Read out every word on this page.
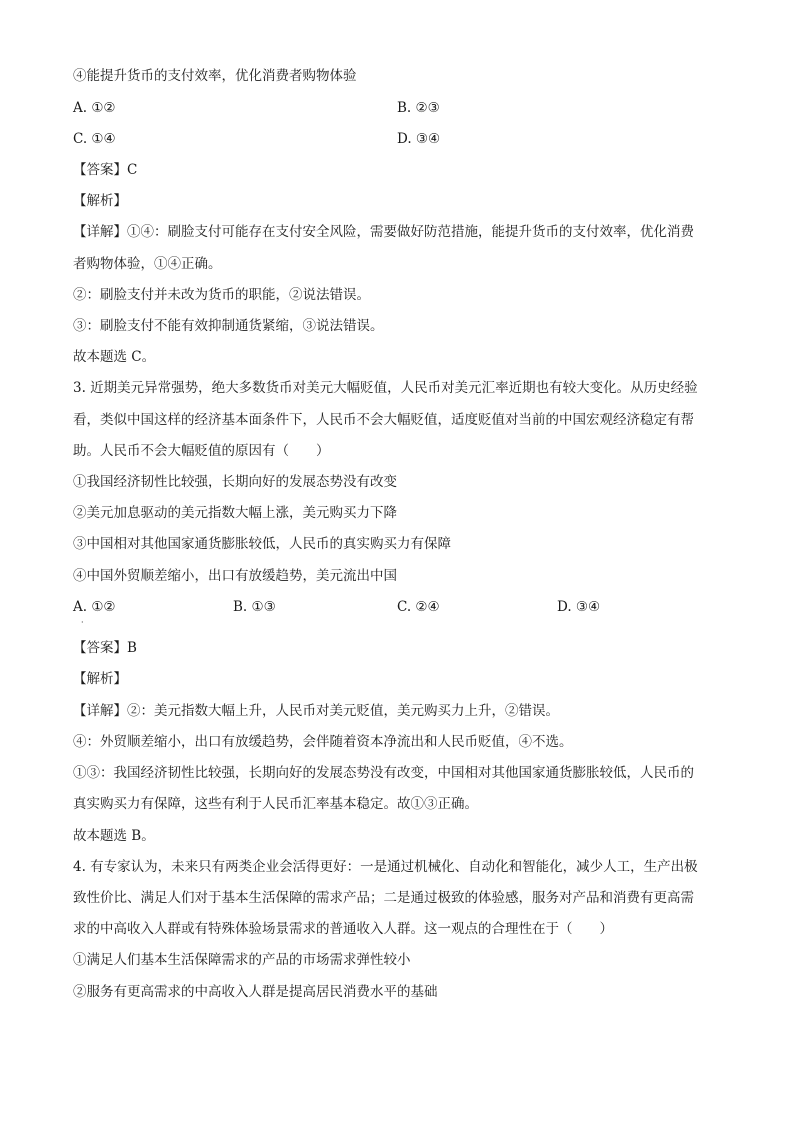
④能提升货币的支付效率，优化消费者购物体验
A. ①②	B. ②③
C. ①④	D. ③④
【答案】C
【解析】
【详解】①④：刷脸支付可能存在支付安全风险，需要做好防范措施，能提升货币的支付效率，优化消费
者购物体验，①④正确。
②：刷脸支付并未改为货币的职能，②说法错误。
③：刷脸支付不能有效抑制通货紧缩，③说法错误。
故本题选 C。
3. 近期美元异常强势，绝大多数货币对美元大幅贬值，人民币对美元汇率近期也有较大变化。从历史经验
看，类似中国这样的经济基本面条件下，人民币不会大幅贬值，适度贬值对当前的中国宏观经济稳定有帮
助。人民币不会大幅贬值的原因有（　　）
①我国经济韧性比较强，长期向好的发展态势没有改变
②美元加息驱动的美元指数大幅上涨，美元购买力下降
③中国相对其他国家通货膨胀较低，人民币的真实购买力有保障
④中国外贸顺差缩小，出口有放缓趋势，美元流出中国
A. ①②
·
B. ①③	C. ②④	D. ③④
【答案】B
【解析】
【详解】②：美元指数大幅上升，人民币对美元贬值，美元购买力上升，②错误。
④：外贸顺差缩小，出口有放缓趋势，会伴随着资本净流出和人民币贬值，④不选。
①③：我国经济韧性比较强，长期向好的发展态势没有改变，中国相对其他国家通货膨胀较低，人民币的
真实购买力有保障，这些有利于人民币汇率基本稳定。故①③正确。
故本题选 B。
4. 有专家认为，未来只有两类企业会活得更好：一是通过机械化、自动化和智能化，减少人工，生产出极
致性价比、满足人们对于基本生活保障的需求产品；二是通过极致的体验感，服务对产品和消费有更高需
求的中高收入人群或有特殊体验场景需求的普通收入人群。这一观点的合理性在于（　　）
①满足人们基本生活保障需求的产品的市场需求弹性较小
②服务有更高需求的中高收入人群是提高居民消费水平的基础
